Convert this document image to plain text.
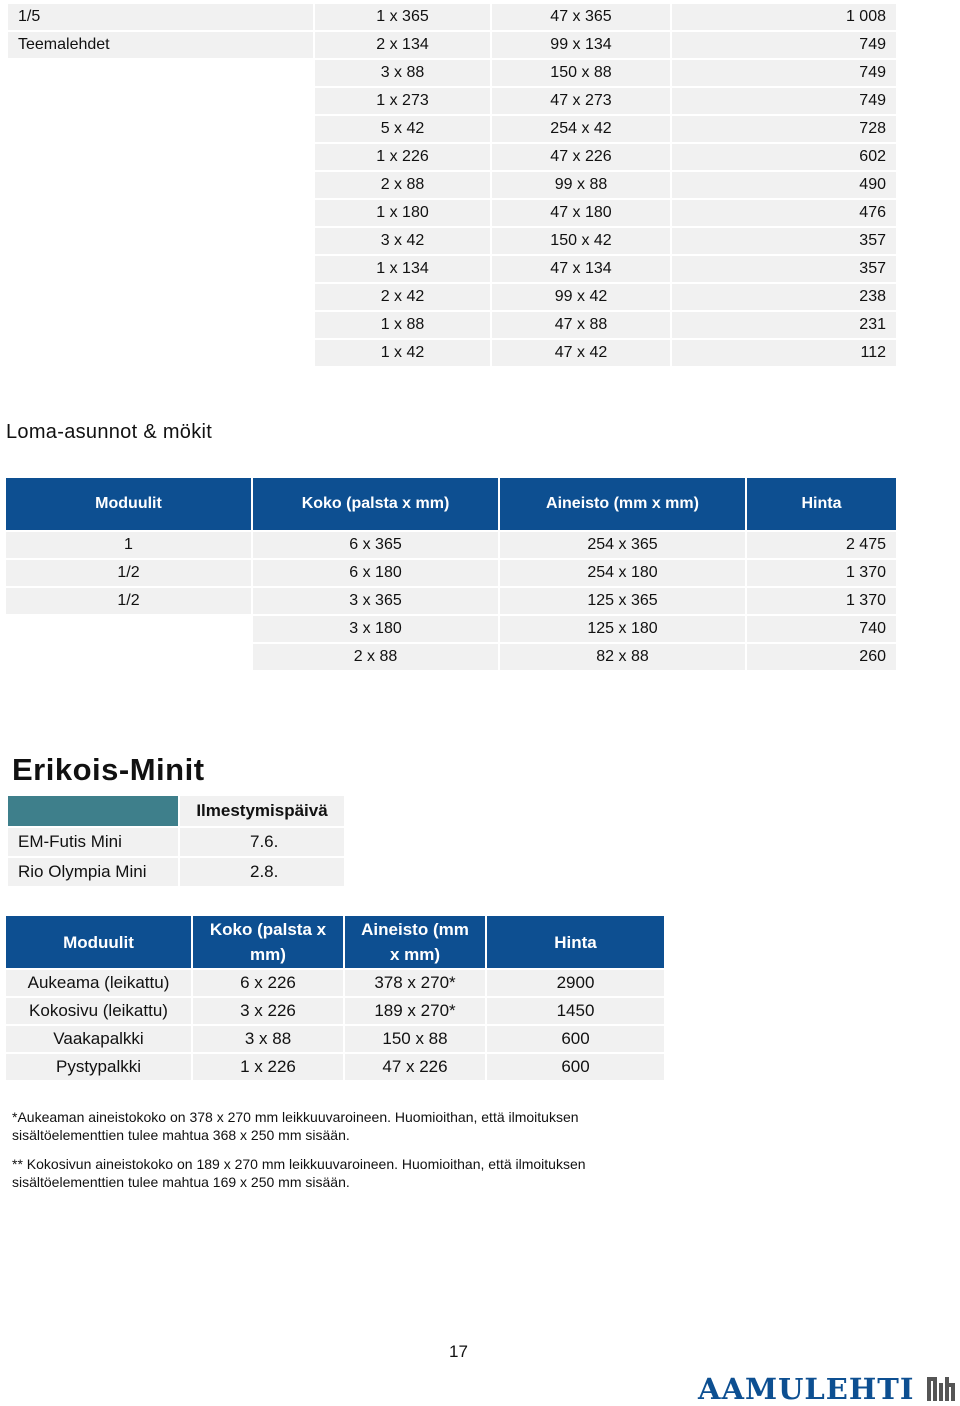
1/5	1 x 365	47 x 365	1 008
Teemalehdet	2 x 134	99 x 134	749
	3 x 88	150 x 88	749
	1 x 273	47 x 273	749
	5 x 42	254 x 42	728
	1 x 226	47 x 226	602
	2 x 88	99 x 88	490
	1 x 180	47 x 180	476
	3 x 42	150 x 42	357
	1 x 134	47 x 134	357
	2 x 42	99 x 42	238
	1 x 88	47 x 88	231
	1 x 42	47 x 42	112
Loma-asunnot & mökit
Moduulit	Koko (palsta x mm)	Aineisto (mm x mm)	Hinta
1	6 x 365	254 x 365	2 475
1/2	6 x 180	254 x 180	1 370
1/2	3 x 365	125 x 365	1 370
	3 x 180	125 x 180	740
	2 x 88	82 x 88	260
Erikois-Minit
	Ilmestymispäivä
EM-Futis Mini	7.6.
Rio Olympia Mini	2.8.
Moduulit	Koko (palsta x mm)	Aineisto (mm x mm)	Hinta
Aukeama (leikattu)	6 x 226	378 x 270*	2900
Kokosivu (leikattu)	3 x 226	189 x 270*	1450
Vaakapalkki	3 x 88	150 x 88	600
Pystypalkki	1 x 226	47 x 226	600

*Aukeaman aineistokoko on 378 x 270 mm leikkuuvaroineen. Huomioithan, että ilmoituksen sisältöelementtien tulee mahtua 368 x 250 mm sisään.

** Kokosivun aineistokoko on 189 x 270 mm leikkuuvaroineen. Huomioithan, että ilmoituksen sisältöelementtien tulee mahtua 169 x 250 mm sisään.

17
AAMULEHTI
